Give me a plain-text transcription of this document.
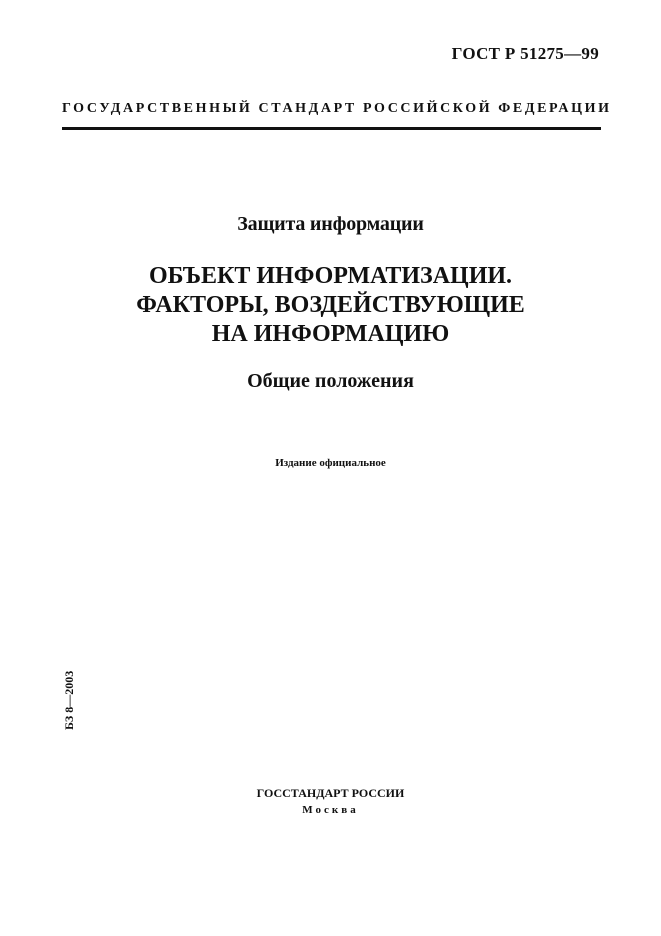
ГОСТ Р 51275—99
ГОСУДАРСТВЕННЫЙ СТАНДАРТ РОССИЙСКОЙ ФЕДЕРАЦИИ
Защита информации
ОБЪЕКТ ИНФОРМАТИЗАЦИИ.
ФАКТОРЫ, ВОЗДЕЙСТВУЮЩИЕ
НА ИНФОРМАЦИЮ
Общие положения
Издание официальное
БЗ 8—2003
ГОССТАНДАРТ РОССИИ
Москва
